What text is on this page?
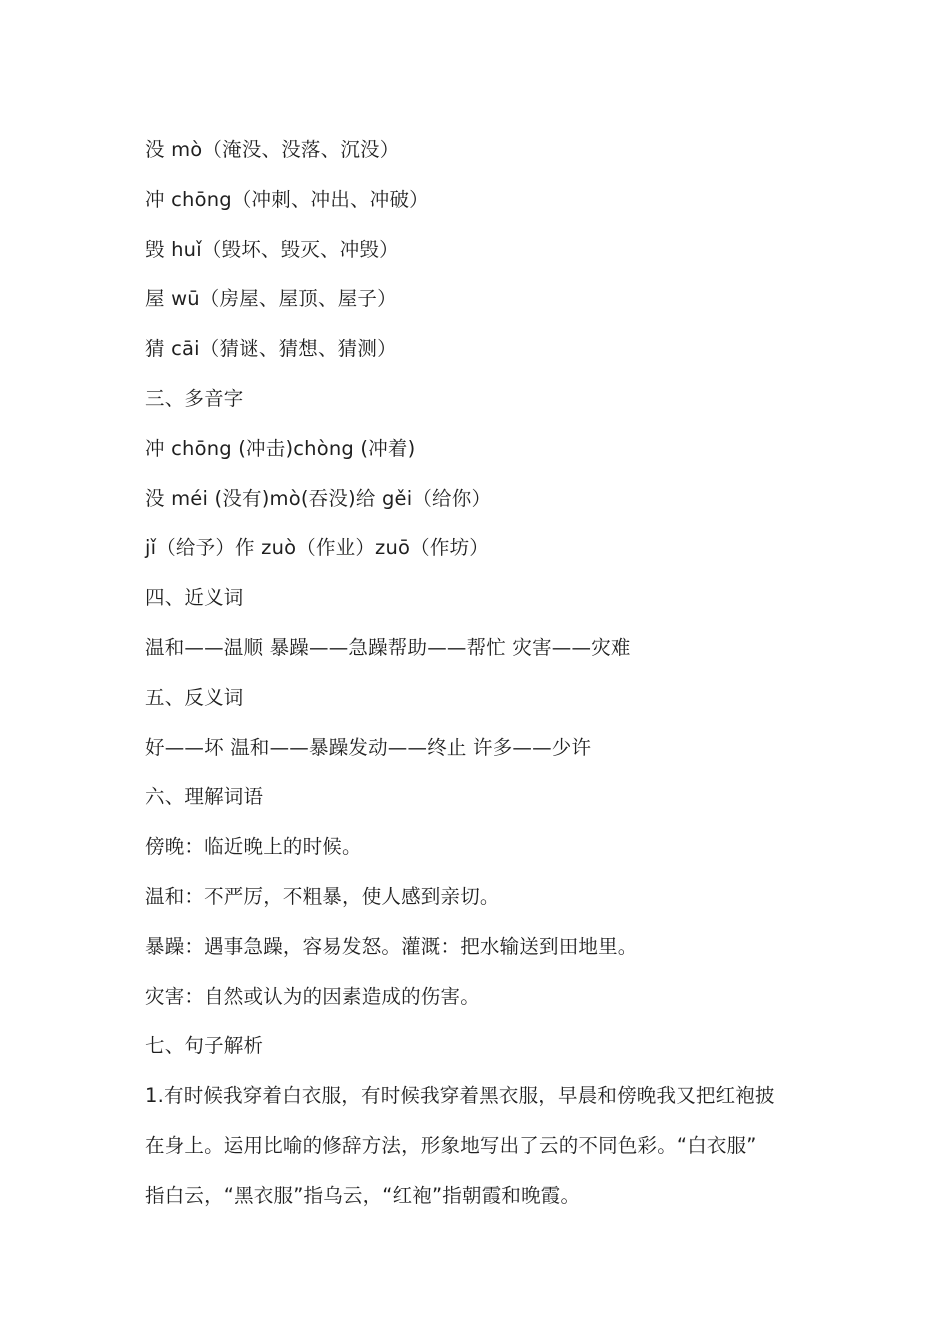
没 mò（淹没、没落、沉没）
冲 chōng（冲刺、冲出、冲破）
毁 huǐ（毁坏、毁灭、冲毁）
屋 wū（房屋、屋顶、屋子）
猜 cāi（猜谜、猜想、猜测）
三、多音字
冲 chōng (冲击)chòng (冲着)
没 méi (没有)mò(吞没)给 gěi（给你）
jǐ（给予）作 zuò（作业）zuō（作坊）
四、近义词
温和——温顺 暴躁——急躁帮助——帮忙 灾害——灾难
五、反义词
好——坏 温和——暴躁发动——终止 许多——少许
六、理解词语
傍晚：临近晚上的时候。
温和：不严厉，不粗暴，使人感到亲切。
暴躁：遇事急躁，容易发怒。灌溉：把水输送到田地里。
灾害：自然或认为的因素造成的伤害。
七、句子解析
1.有时候我穿着白衣服，有时候我穿着黑衣服，早晨和傍晚我又把红袍披
在身上。运用比喻的修辞方法，形象地写出了云的不同色彩。“白衣服”
指白云，“黑衣服”指乌云，“红袍”指朝霞和晚霞。
